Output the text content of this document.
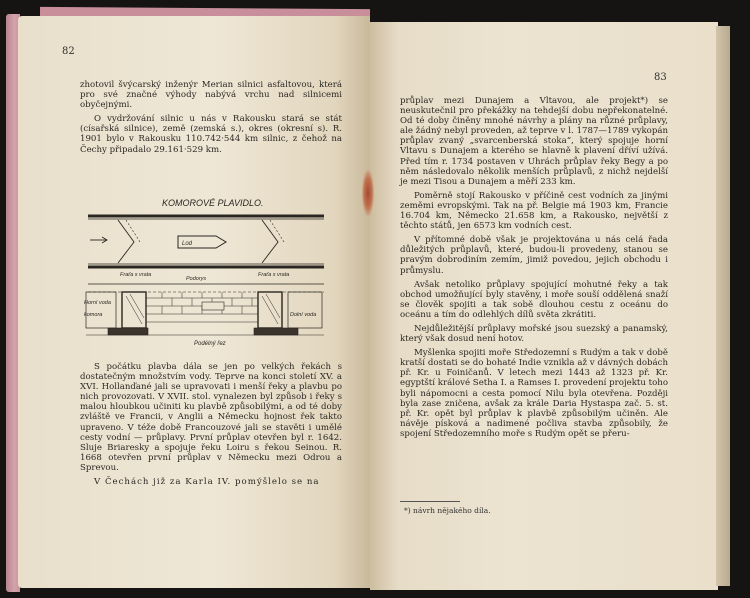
82
83

zhotovil švýcarský inženýr Merian silnici asfaltovou, která pro své značné výhody nabývá vrchu nad silnicemi obyčejnými.

O vydržování silnic u nás v Rakousku stará se stát (císařská silnice), země (zemská s.), okres (okresní s). R. 1901 bylo v Rakousku 110.742·544 km silnic, z čehož na Čechy připadalo 29.161·529 km.

KOMOROVÉ PLAVIDLO.
Lod
Fraťa s vrata
Podorys
Fraťa s vrata
Horní voda
komora	Dolní voda
Podélný řez

S počátku plavba dála se jen po velkých řekách s dostatečným množstvím vody. Teprve na konci století XV. a XVI. Hollanďané jali se upravovati i menší řeky a plavbu po nich provozovati. V XVII. stol. vynalezen byl způsob i řeky s malou hloubkou učiniti ku plavbě způsobilými, a od té doby zvláště ve Francii, v Anglii a Německu hojnost řek takto upraveno. V téže době Francouzové jali se stavěti i umělé cesty vodní — průplavy. První průplav otevřen byl r. 1642. Sluje Briaresky a spojuje řeku Loiru s řekou Seinou. R. 1668 otevřen první průplav v Německu mezi Odrou a Sprevou.

V Čechách již za Karla IV. pomýšlelo se na

průplav mezi Dunajem a Vltavou, ale projekt*) se neuskutečnil pro překážky na tehdejší dobu nepřekonatelné. Od té doby činěny mnohé návrhy a plány na různé průplavy, ale žádný nebyl proveden, až teprve v l. 1787—1789 vykopán průplav zvaný „svarcenberská stoka“, který spojuje horní Vltavu s Dunajem a kterého se hlavně k plavení dříví užívá. Před tím r. 1734 postaven v Uhrách průplav řeky Begy a po něm následovalo několik menších průplavů, z nichž nejdelší je mezi Tisou a Dunajem a měří 233 km.

Poměrně stojí Rakousko v příčině cest vodních za jinými zeměmi evropskými. Tak na př. Belgie má 1903 km, Francie 16.704 km, Německo 21.658 km, a Rakousko, největší z těchto států, jen 6573 km vodních cest.

V přítomné době však je projektována u nás celá řada důležitých průplavů, které, budou-li provedeny, stanou se pravým dobrodiním zemím, jimiž povedou, jejich obchodu i průmyslu.

Avšak netoliko průplavy spojující mohutné řeky a tak obchod umožňující byly stavěny, i moře souší oddělená snaží se člověk spojiti a tak sobě dlouhou cestu z oceánu do oceánu a tím do odlehlých dílů světa zkrátiti.

Nejdůležitější průplavy mořské jsou suezský a panamský, který však dosud není hotov.

Myšlenka spojiti moře Středozemní s Rudým a tak v době kratší dostati se do bohaté Indie vznikla až v dávných dobách př. Kr. u Foiničanů. V letech mezi 1443 až 1323 př. Kr. egyptští králové Setha I. a Ramses I. provedení projektu toho byli nápomocni a cesta pomocí Nilu byla otevřena. Později byla zase zničena, avšak za krále Daria Hystaspa zač. 5. st. př. Kr. opět byl průplav k plavbě způsobilým učiněn. Ale návěje písková a nadimené počliva stavba způsobily, že spojení Středozemního moře s Rudým opět se přeru-

*) návrh nějakého díla.
